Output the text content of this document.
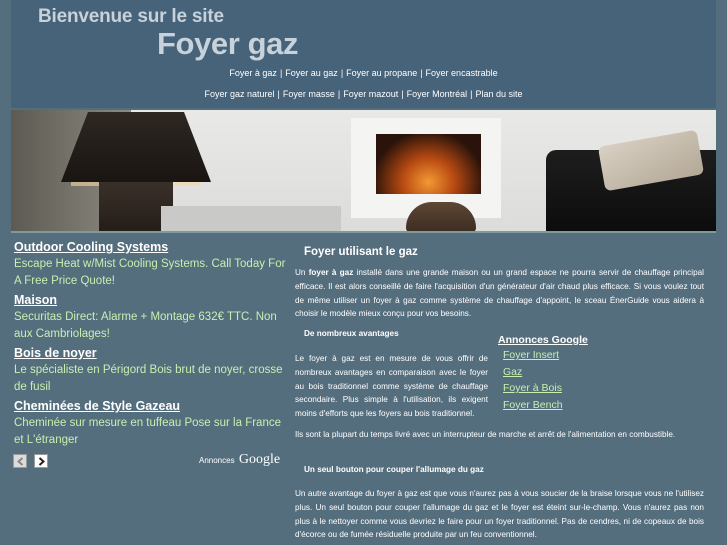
Bienvenue sur le site
Foyer gaz
Foyer à gaz | Foyer au gaz | Foyer au propane | Foyer encastrable
Foyer gaz naturel | Foyer masse | Foyer mazout | Foyer Montréal | Plan du site
Outdoor Cooling Systems
Escape Heat w/Mist Cooling Systems. Call Today For A Free Price Quote!
Maison
Securitas Direct: Alarme + Montage 632€ TTC. Non aux Cambriolages!
Bois de noyer
Le spécialiste en Périgord Bois brut de noyer, crosse de fusil
Cheminées de Style Gazeau
Cheminée sur mesure en tuffeau Pose sur la France et L'étranger

Annonces Google
Foyer utilisant le gaz
Un foyer à gaz installé dans une grande maison ou un grand espace ne pourra servir de chauffage principal efficace. Il est alors conseillé de faire l'acquisition d'un générateur d'air chaud plus efficace. Si vous voulez tout de même utiliser un foyer à gaz comme système de chauffage d'appoint, le sceau ÉnerGuide vous aidera à choisir le modèle mieux conçu pour vos besoins.
De nombreux avantages
Le foyer à gaz est en mesure de vous offrir de nombreux avantages en comparaison avec le foyer au bois traditionnel comme système de chauffage secondaire. Plus simple à l'utilisation, ils exigent moins d'efforts que les foyers au bois traditionnel.
Ils sont la plupart du temps livré avec un interrupteur de marche et arrêt de l'alimentation en combustible.
Un seul bouton pour couper l'allumage du gaz
Un autre avantage du foyer à gaz est que vous n'aurez pas à vous soucier de la braise lorsque vous ne l'utilisez plus. Un seul bouton pour couper l'allumage du gaz et le foyer est éteint sur-le-champ. Vous n'aurez pas non plus à le nettoyer comme vous devriez le faire pour un foyer traditionnel. Pas de cendres, ni de copeaux de bois d'écorce ou de fumée résiduelle produite par un feu conventionnel.
Annonces Google
Foyer Insert
Gaz
Foyer à Bois
Foyer Bench
